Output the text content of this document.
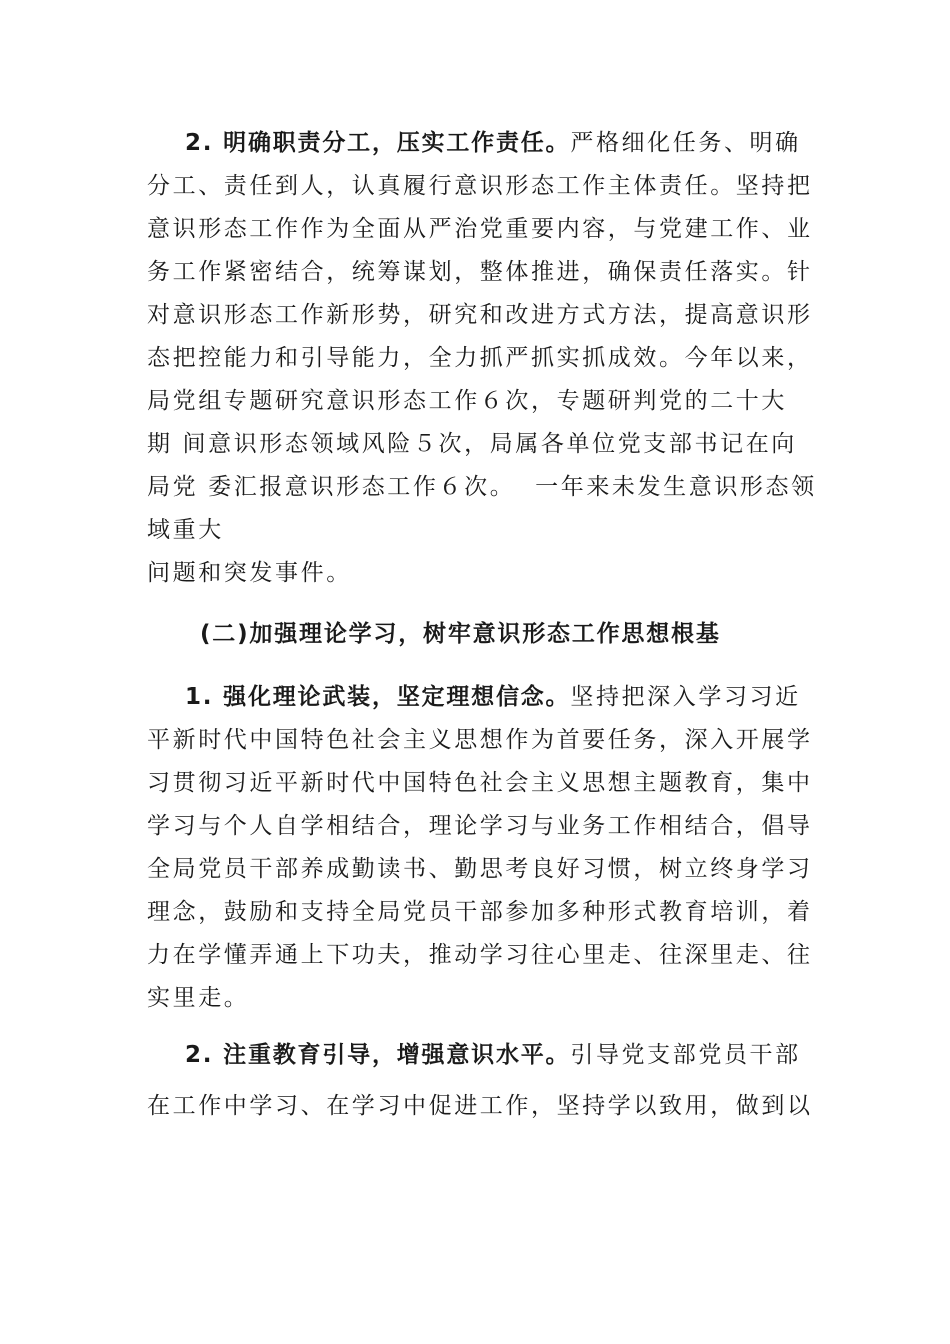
2. 明确职责分工，压实工作责任。严格细化任务、明确
分工、责任到人，认真履行意识形态工作主体责任。坚持把
意识形态工作作为全面从严治党重要内容，与党建工作、业
务工作紧密结合，统筹谋划，整体推进，确保责任落实。针
对意识形态工作新形势，研究和改进方式方法，提高意识形
态把控能力和引导能力，全力抓严抓实抓成效。今年以来，
局党组专题研究意识形态工作６次，专题研判党的二十大
期 间意识形态领域风险５次，局属各单位党支部书记在向
局党 委汇报意识形态工作６次。  一年来未发生意识形态领
域重大
问题和突发事件。
(二)加强理论学习，树牢意识形态工作思想根基
1. 强化理论武装，坚定理想信念。坚持把深入学习习近
平新时代中国特色社会主义思想作为首要任务，深入开展学
习贯彻习近平新时代中国特色社会主义思想主题教育，集中
学习与个人自学相结合，理论学习与业务工作相结合，倡导
全局党员干部养成勤读书、勤思考良好习惯，树立终身学习
理念，鼓励和支持全局党员干部参加多种形式教育培训，着
力在学懂弄通上下功夫，推动学习往心里走、往深里走、往
实里走。
2. 注重教育引导，增强意识水平。引导党支部党员干部
在工作中学习、在学习中促进工作，坚持学以致用，做到以
